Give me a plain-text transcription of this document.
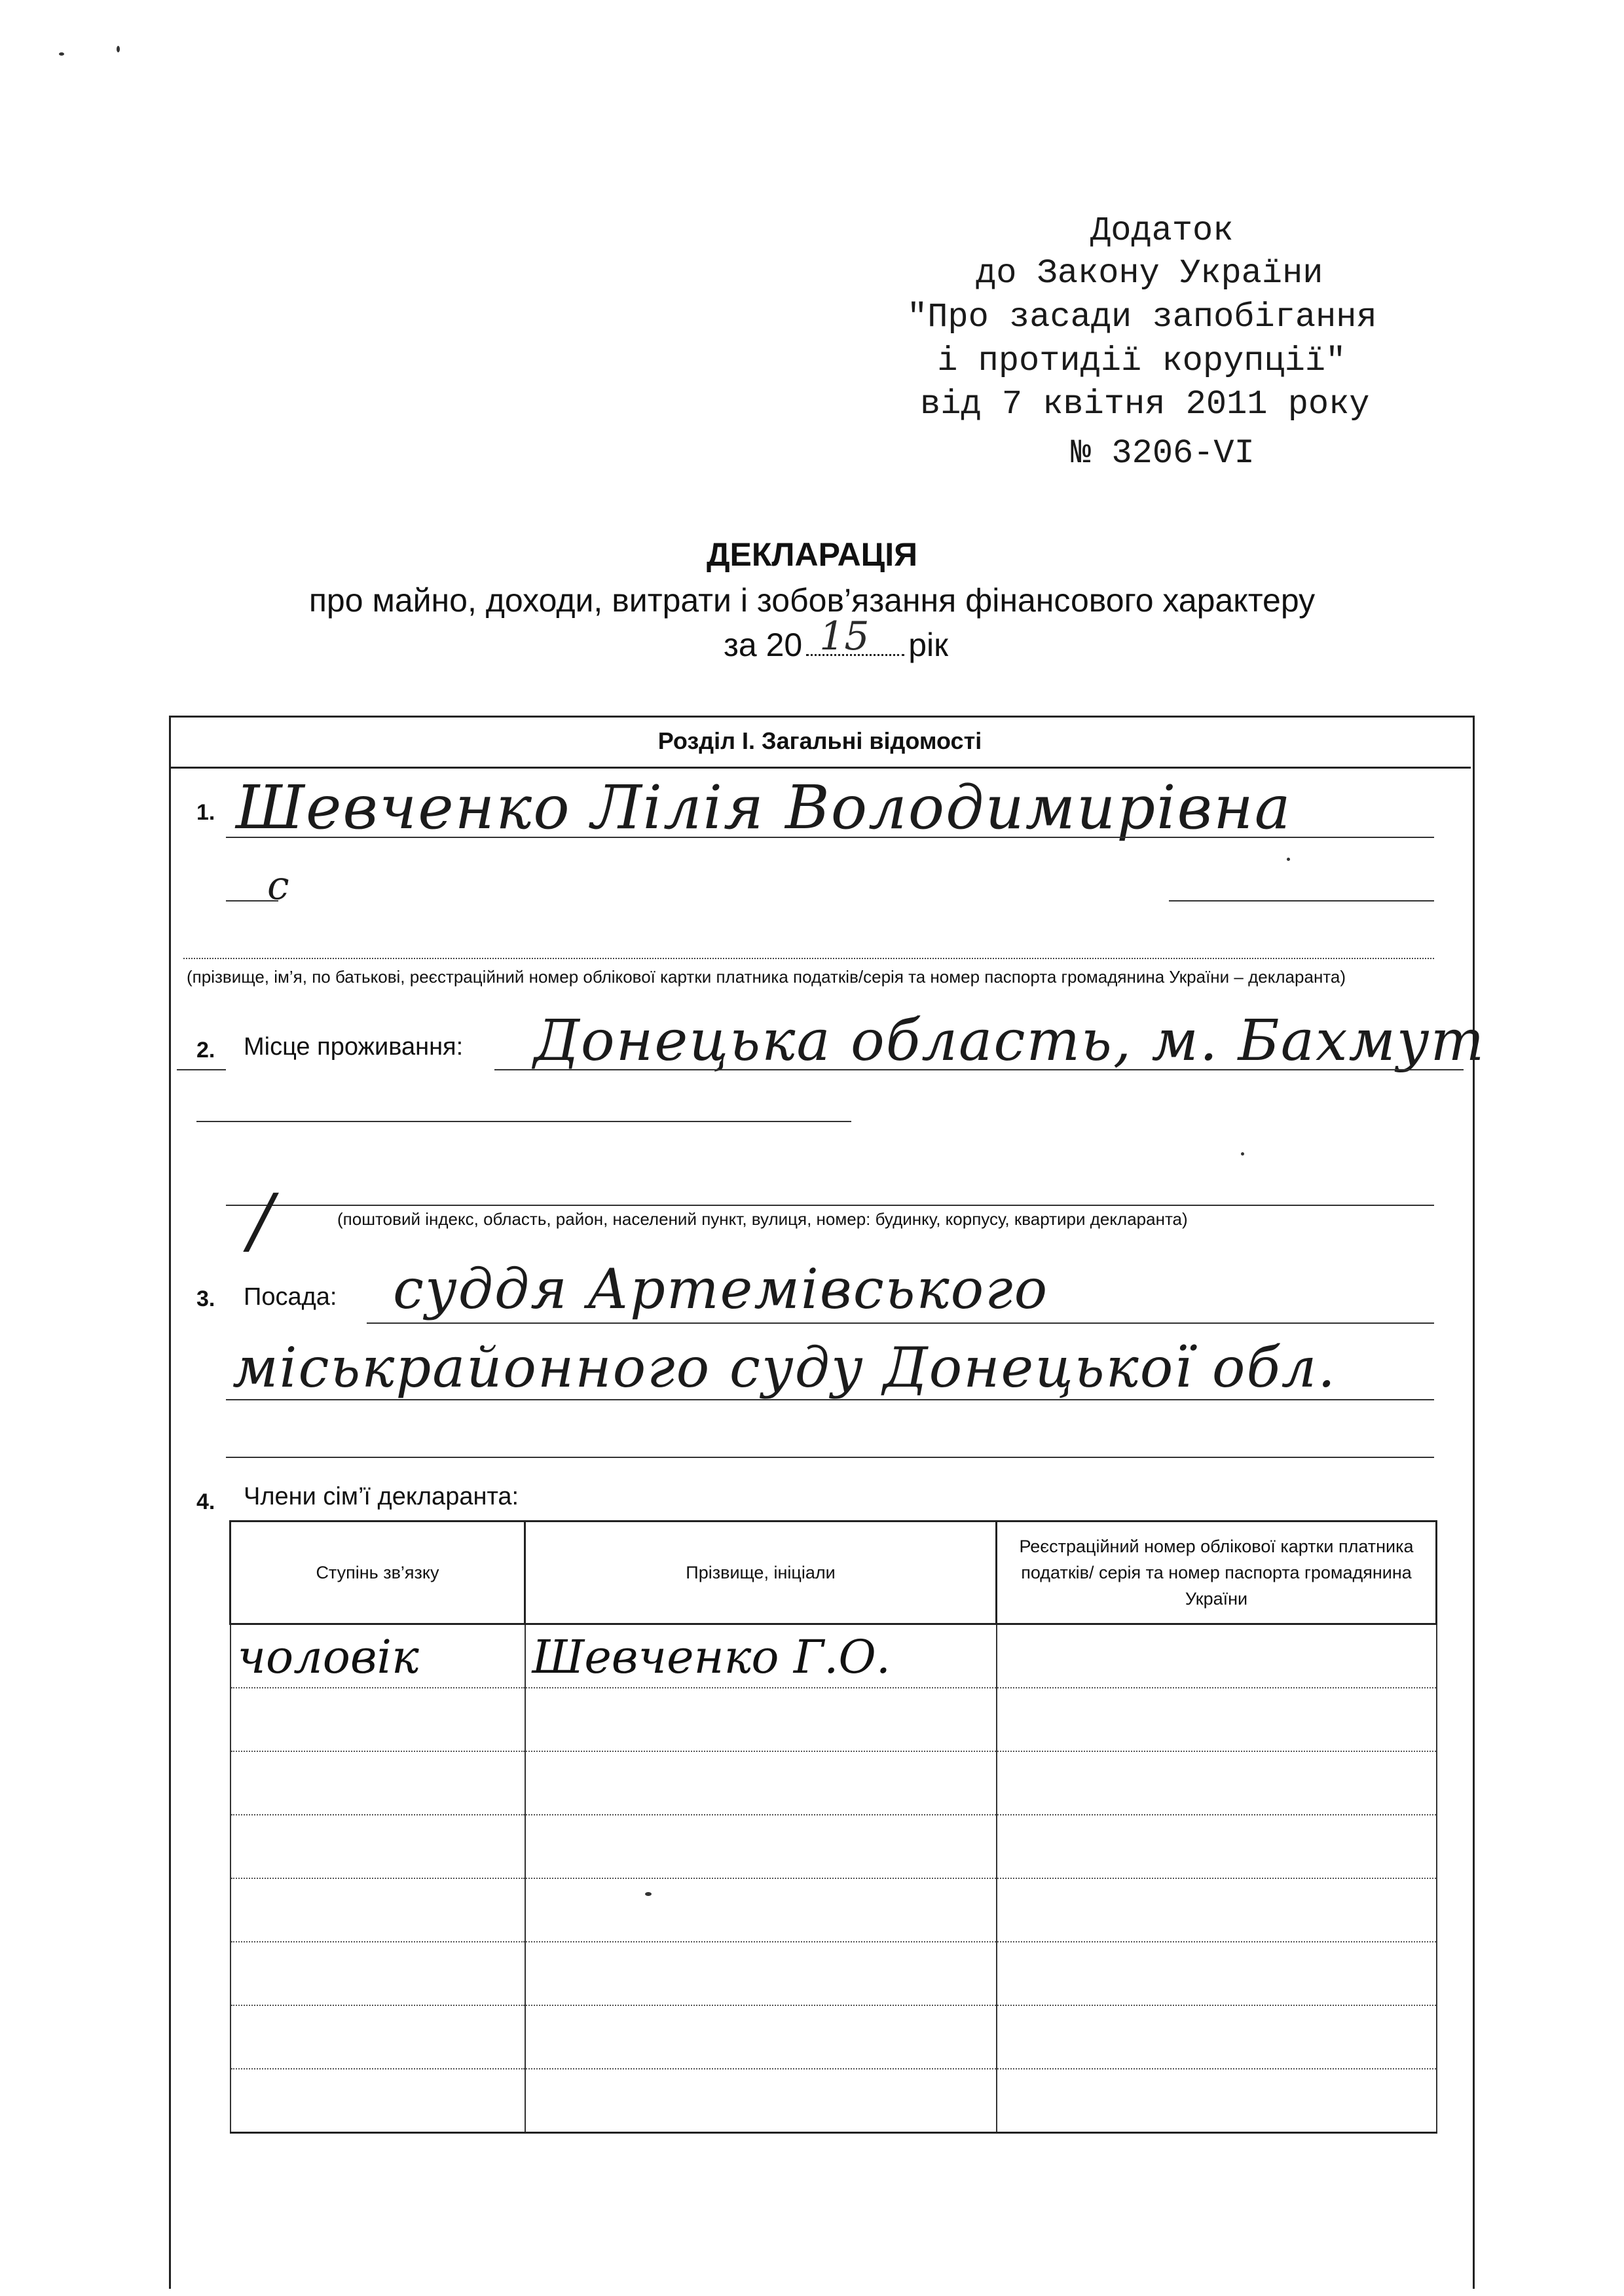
Додаток
до Закону України
"Про засади запобігання
і протидії корупції"
від 7 квітня 2011 року
№ 3206-VI
ДЕКЛАРАЦІЯ
про майно, доходи, витрати і зобов’язання фінансового характеру
за 20 15 рік
Розділ І. Загальні відомості
1. Шевченко Лілія Володимирівна
с
(прізвище, ім’я, по батькові, реєстраційний номер облікової картки платника податків/серія та номер паспорта громадянина України – декларанта)
2. Місце проживання: Донецька область, м. Бахмут
/	(поштовий індекс, область, район, населений пункт, вулиця, номер: будинку, корпусу, квартири декларанта)
3. Посада: суддя Артемівського
міськрайонного суду Донецької обл.
4. Члени сім’ї декларанта:
Ступінь зв’язку	Прізвище, ініціали	Реєстраційний номер облікової картки платника податків/ серія та номер паспорта громадянина України

чоловік	Шевченко Г.О.	
